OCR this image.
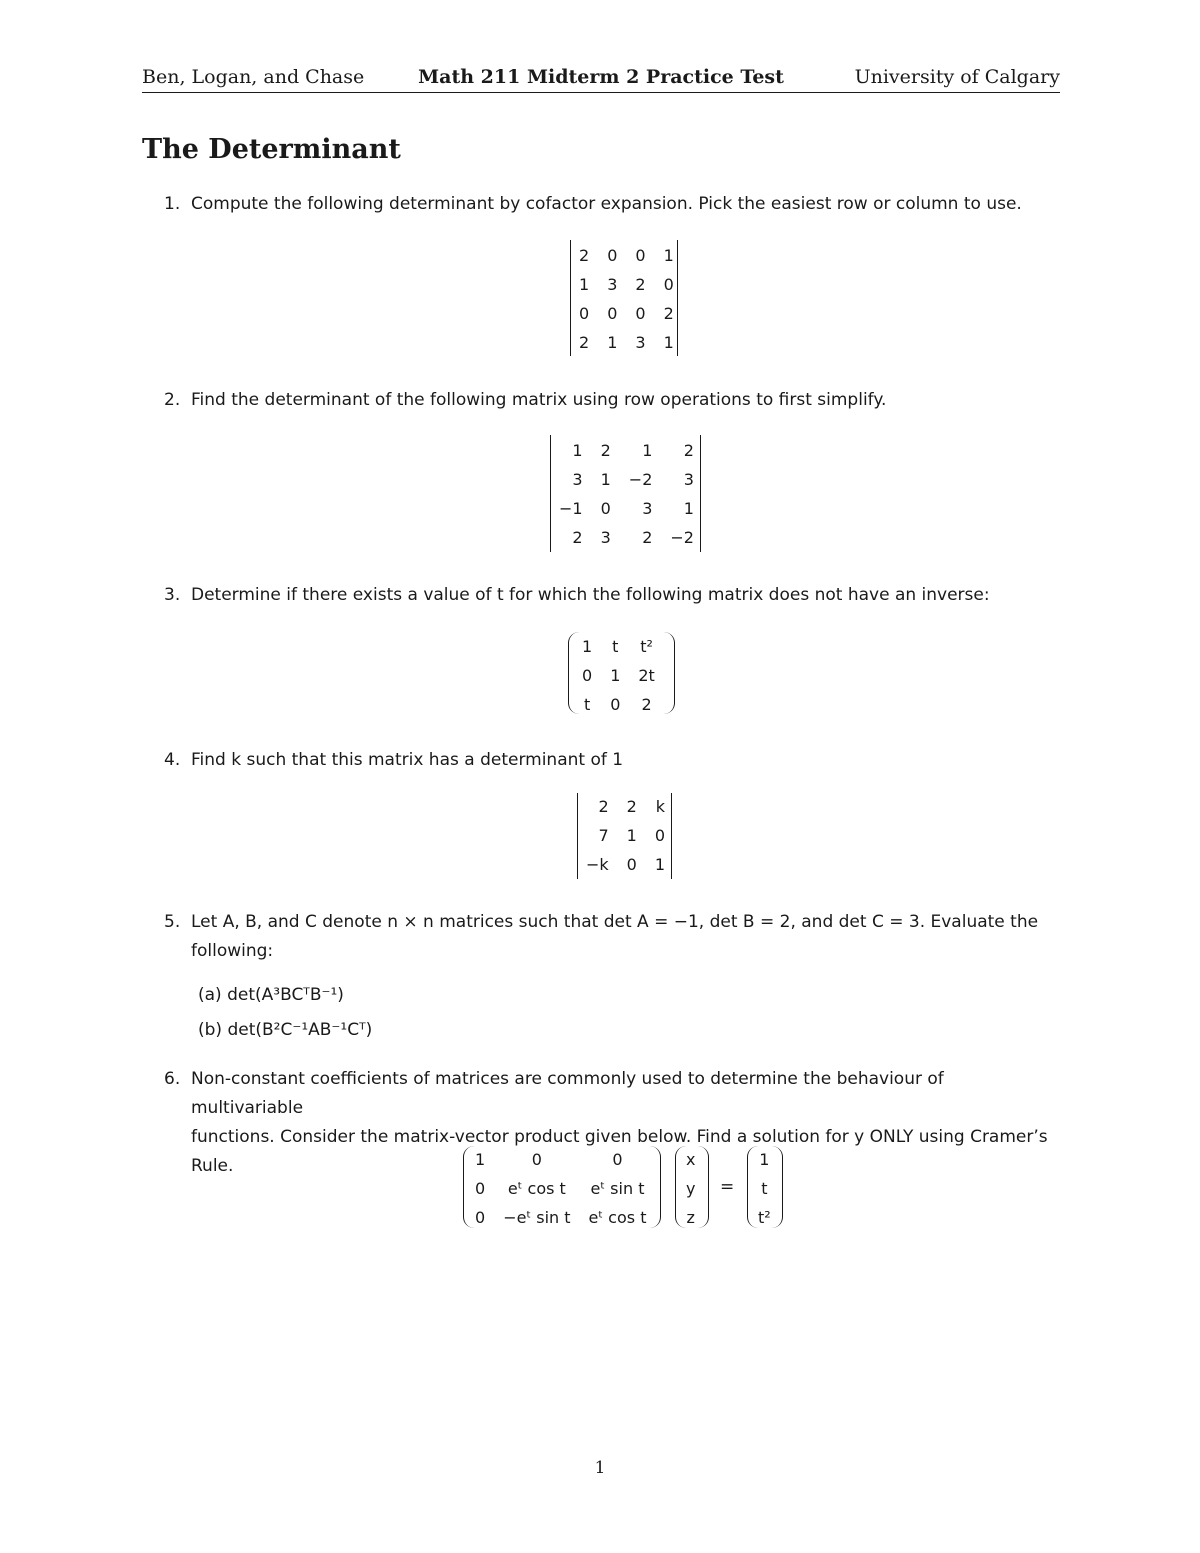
Ben, Logan, and Chase	Math 211 Midterm 2 Practice Test	University of Calgary
The Determinant
1. Compute the following determinant by cofactor expansion. Pick the easiest row or column to use.
2	0	0	1
1	3	2	0
0	0	0	2
2	1	3	1
2. Find the determinant of the following matrix using row operations to first simplify.
1	2	1	2
3	1	−2	3
−1	0	3	1
2	3	2	−2
3. Determine if there exists a value of t for which the following matrix does not have an inverse:
1	t	t²
0	1	2t
t	0	2
4. Find k such that this matrix has a determinant of 1
2	2	k
7	1	0
−k	0	1
5. Let A, B, and C denote n × n matrices such that det A = −1, det B = 2, and det C = 3. Evaluate the
following:
(a) det(A³BCᵀB⁻¹)
(b) det(B²C⁻¹AB⁻¹Cᵀ)
6. Non-constant coefficients of matrices are commonly used to determine the behaviour of multivariable
functions. Consider the matrix-vector product given below. Find a solution for y ONLY using Cramer’s
Rule.	1	0	0
0	eᵗ cos t	eᵗ sin t
0	−eᵗ sin t	eᵗ cos t
x
y
z
=
1
t
t²
1
